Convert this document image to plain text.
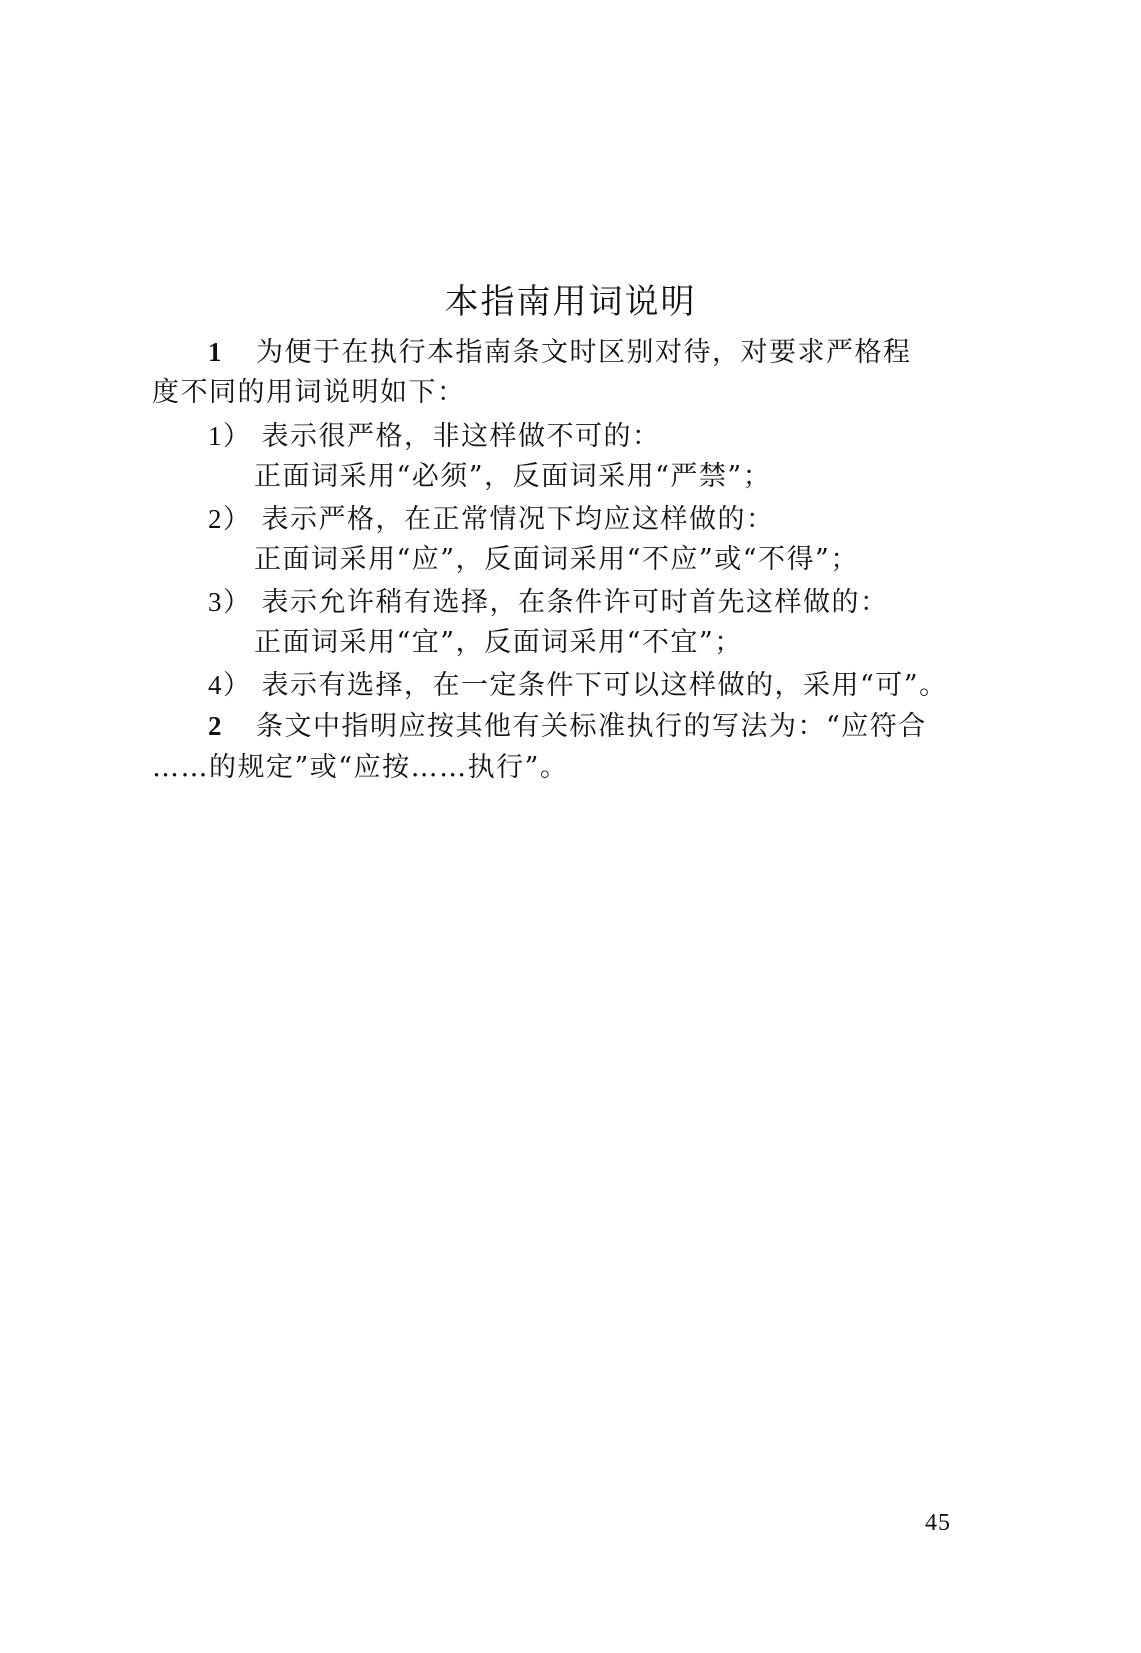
本指南用词说明
1 为便于在执行本指南条文时区别对待，对要求严格程
度不同的用词说明如下：
1） 表示很严格，非这样做不可的：
正面词采用“必须”，反面词采用“严禁”；
2） 表示严格，在正常情况下均应这样做的：
正面词采用“应”，反面词采用“不应”或“不得”；
3） 表示允许稍有选择，在条件许可时首先这样做的：
正面词采用“宜”，反面词采用“不宜”；
4） 表示有选择，在一定条件下可以这样做的，采用“可”。
2 条文中指明应按其他有关标准执行的写法为：“应符合
……的规定”或“应按……执行”。
45
